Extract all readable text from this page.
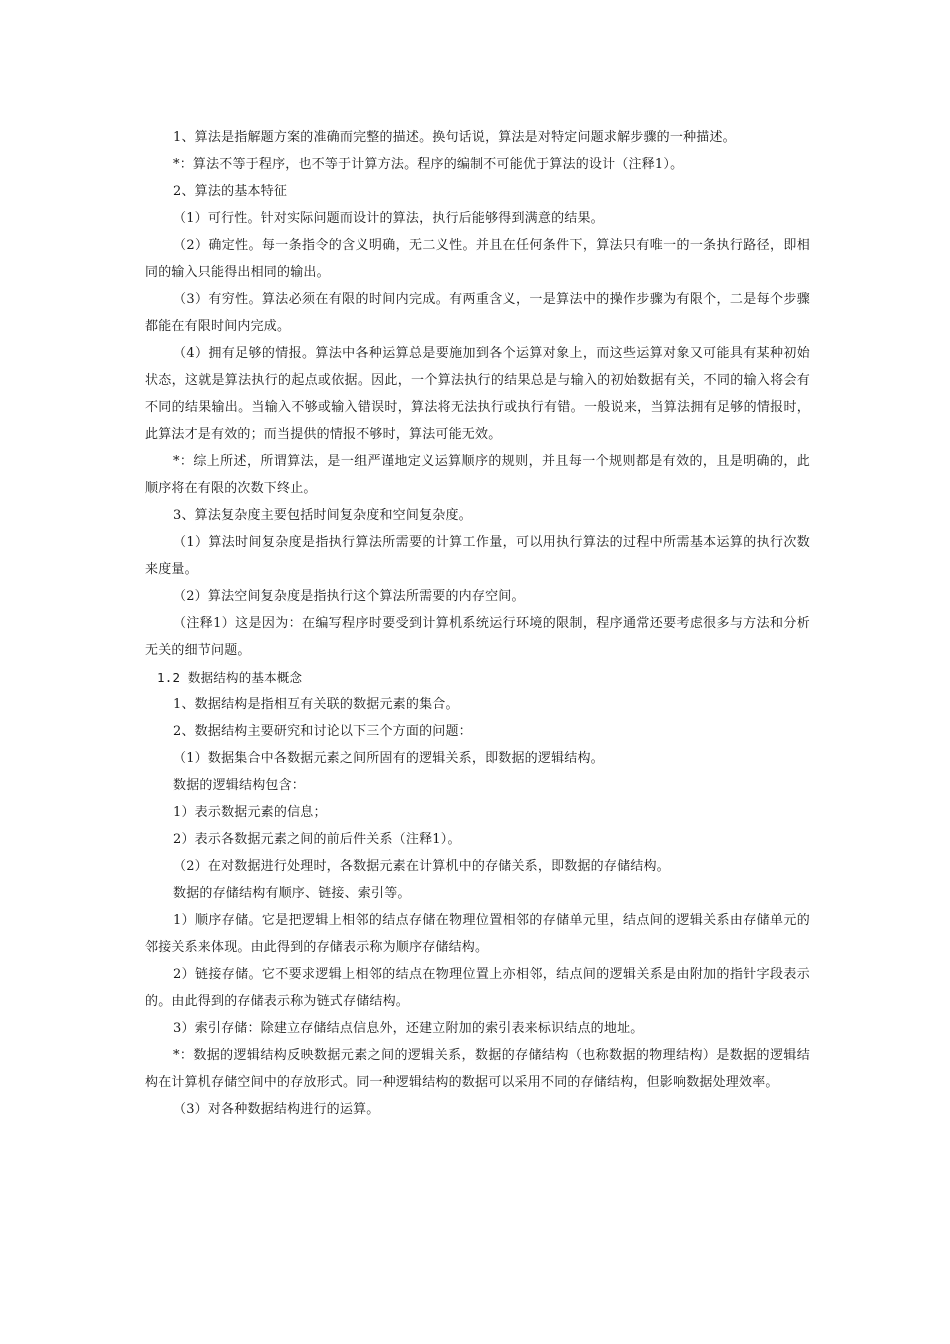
1、算法是指解题方案的准确而完整的描述。换句话说，算法是对特定问题求解步骤的一种描述。

*：算法不等于程序，也不等于计算方法。程序的编制不可能优于算法的设计（注释1）。

2、算法的基本特征

（1）可行性。针对实际问题而设计的算法，执行后能够得到满意的结果。

（2）确定性。每一条指令的含义明确，无二义性。并且在任何条件下，算法只有唯一的一条执行路径，即相同的输入只能得出相同的输出。

（3）有穷性。算法必须在有限的时间内完成。有两重含义，一是算法中的操作步骤为有限个，二是每个步骤都能在有限时间内完成。

（4）拥有足够的情报。算法中各种运算总是要施加到各个运算对象上，而这些运算对象又可能具有某种初始状态，这就是算法执行的起点或依据。因此，一个算法执行的结果总是与输入的初始数据有关，不同的输入将会有不同的结果输出。当输入不够或输入错误时，算法将无法执行或执行有错。一般说来，当算法拥有足够的情报时，此算法才是有效的；而当提供的情报不够时，算法可能无效。

*：综上所述，所谓算法，是一组严谨地定义运算顺序的规则，并且每一个规则都是有效的，且是明确的，此顺序将在有限的次数下终止。

3、算法复杂度主要包括时间复杂度和空间复杂度。

（1）算法时间复杂度是指执行算法所需要的计算工作量，可以用执行算法的过程中所需基本运算的执行次数来度量。

（2）算法空间复杂度是指执行这个算法所需要的内存空间。

（注释1）这是因为：在编写程序时要受到计算机系统运行环境的限制，程序通常还要考虑很多与方法和分析无关的细节问题。

1.2 数据结构的基本概念

1、数据结构是指相互有关联的数据元素的集合。

2、数据结构主要研究和讨论以下三个方面的问题：

（1）数据集合中各数据元素之间所固有的逻辑关系，即数据的逻辑结构。

数据的逻辑结构包含：

1）表示数据元素的信息；

2）表示各数据元素之间的前后件关系（注释1）。

（2）在对数据进行处理时，各数据元素在计算机中的存储关系，即数据的存储结构。

数据的存储结构有顺序、链接、索引等。

1）顺序存储。它是把逻辑上相邻的结点存储在物理位置相邻的存储单元里，结点间的逻辑关系由存储单元的邻接关系来体现。由此得到的存储表示称为顺序存储结构。

2）链接存储。它不要求逻辑上相邻的结点在物理位置上亦相邻，结点间的逻辑关系是由附加的指针字段表示的。由此得到的存储表示称为链式存储结构。

3）索引存储：除建立存储结点信息外，还建立附加的索引表来标识结点的地址。

*：数据的逻辑结构反映数据元素之间的逻辑关系，数据的存储结构（也称数据的物理结构）是数据的逻辑结构在计算机存储空间中的存放形式。同一种逻辑结构的数据可以采用不同的存储结构，但影响数据处理效率。

（3）对各种数据结构进行的运算。
